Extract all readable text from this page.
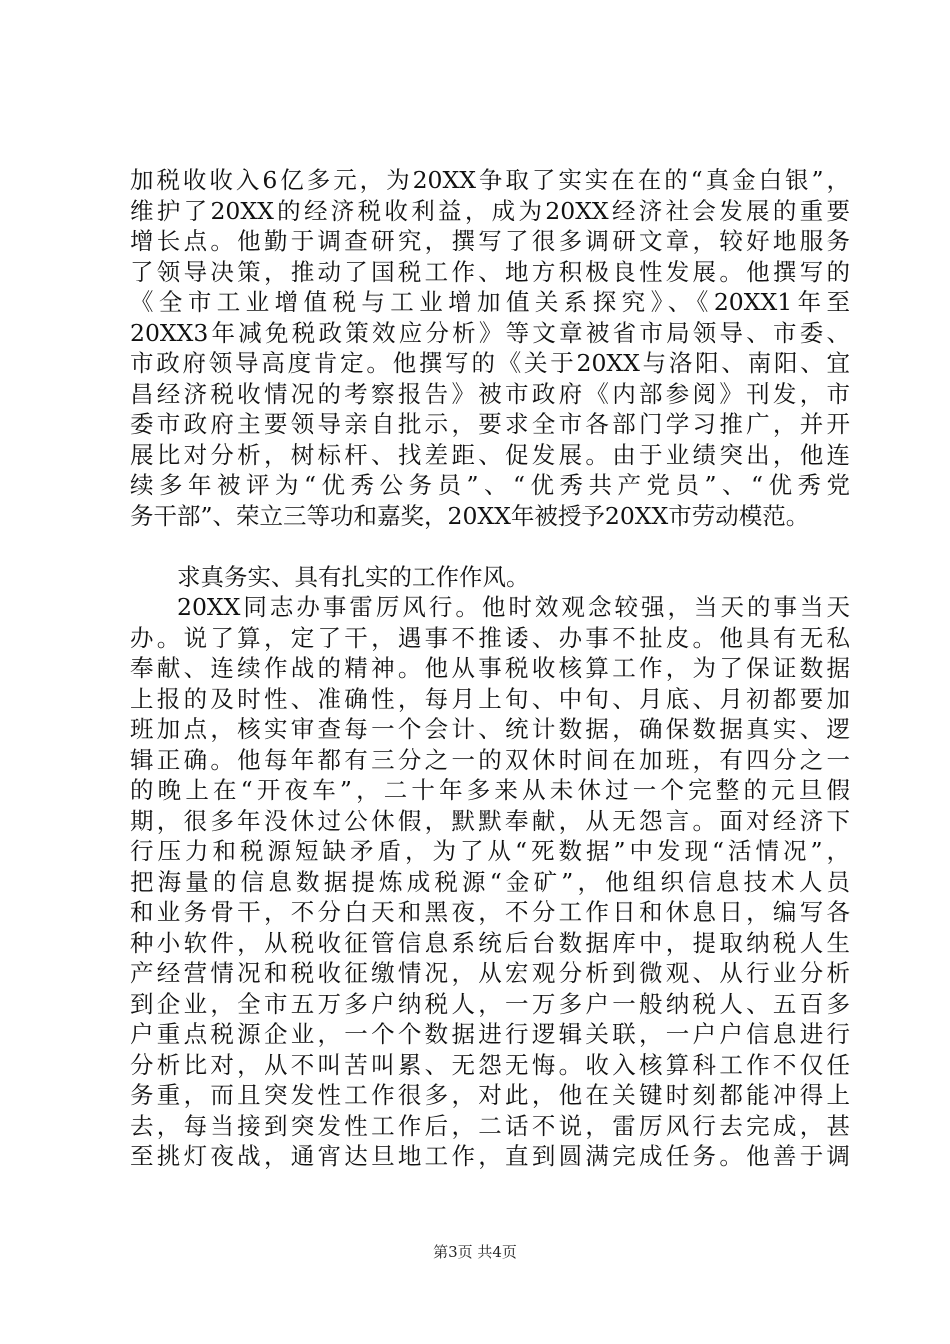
加税收收入6亿多元，为20XX争取了实实在在的“真金白银”，
维护了20XX的经济税收利益，成为20XX经济社会发展的重要
增长点。他勤于调查研究，撰写了很多调研文章，较好地服务
了领导决策，推动了国税工作、地方积极良性发展。他撰写的
《全市工业增值税与工业增加值关系探究》、《20XX1年至
20XX3年减免税政策效应分析》等文章被省市局领导、市委、
市政府领导高度肯定。他撰写的《关于20XX与洛阳、南阳、宜
昌经济税收情况的考察报告》被市政府《内部参阅》刊发，市
委市政府主要领导亲自批示，要求全市各部门学习推广，并开
展比对分析，树标杆、找差距、促发展。由于业绩突出，他连
续多年被评为“优秀公务员”、“优秀共产党员”、“优秀党
务干部”、荣立三等功和嘉奖，20XX年被授予20XX市劳动模范。
求真务实、具有扎实的工作作风。
20XX同志办事雷厉风行。他时效观念较强，当天的事当天
办。说了算，定了干，遇事不推诿、办事不扯皮。他具有无私
奉献、连续作战的精神。他从事税收核算工作，为了保证数据
上报的及时性、准确性，每月上旬、中旬、月底、月初都要加
班加点，核实审查每一个会计、统计数据，确保数据真实、逻
辑正确。他每年都有三分之一的双休时间在加班，有四分之一
的晚上在“开夜车”，二十年多来从未休过一个完整的元旦假
期，很多年没休过公休假，默默奉献，从无怨言。面对经济下
行压力和税源短缺矛盾，为了从“死数据”中发现“活情况”，
把海量的信息数据提炼成税源“金矿”，他组织信息技术人员
和业务骨干，不分白天和黑夜，不分工作日和休息日，编写各
种小软件，从税收征管信息系统后台数据库中，提取纳税人生
产经营情况和税收征缴情况，从宏观分析到微观、从行业分析
到企业，全市五万多户纳税人，一万多户一般纳税人、五百多
户重点税源企业，一个个数据进行逻辑关联，一户户信息进行
分析比对，从不叫苦叫累、无怨无悔。收入核算科工作不仅任
务重，而且突发性工作很多，对此，他在关键时刻都能冲得上
去，每当接到突发性工作后，二话不说，雷厉风行去完成，甚
至挑灯夜战，通宵达旦地工作，直到圆满完成任务。他善于调
第3页 共4页
